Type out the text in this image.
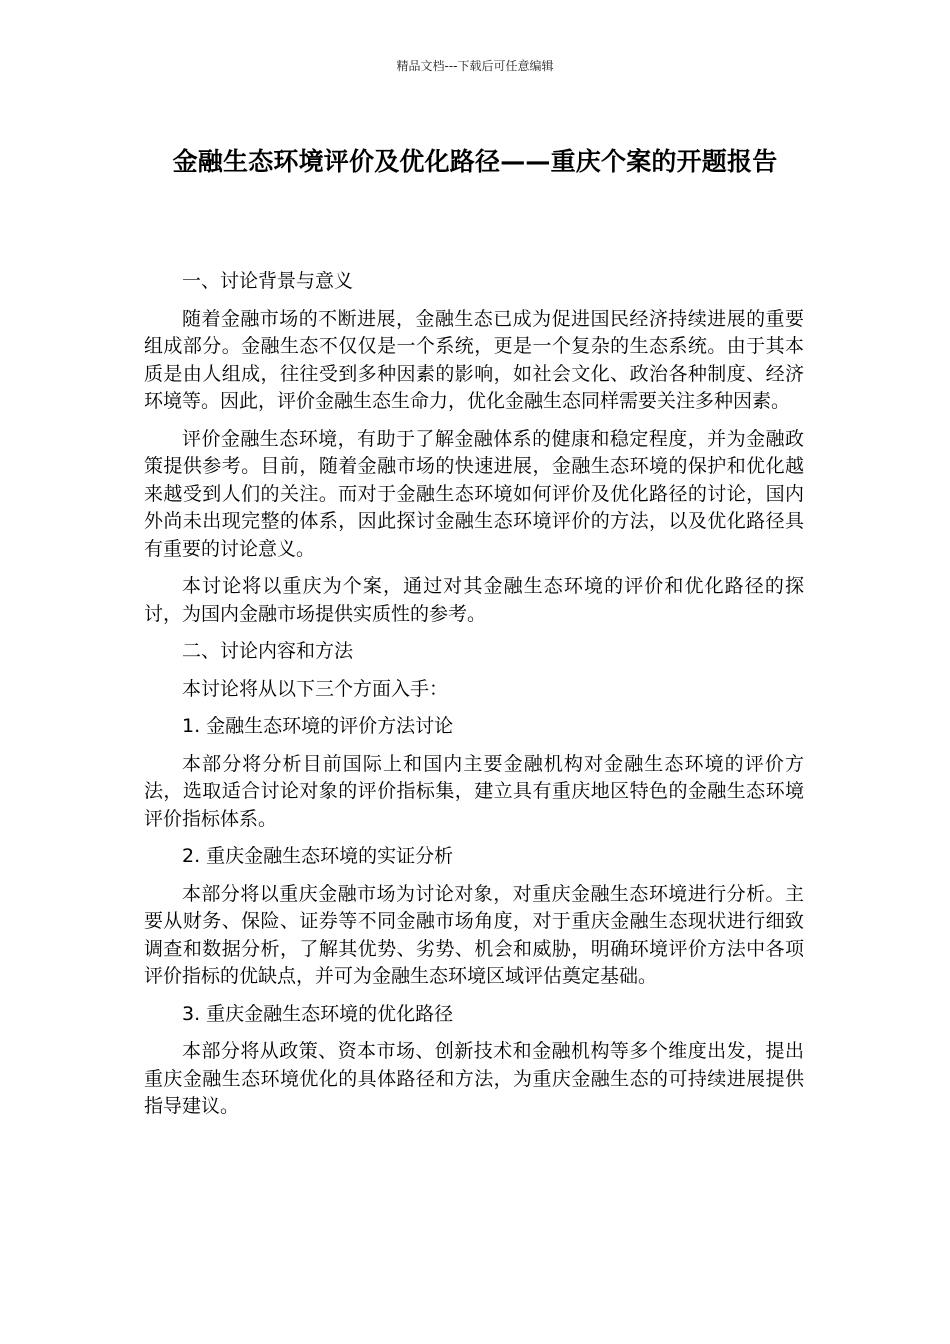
精品文档---下载后可任意编辑
金融生态环境评价及优化路径——重庆个案的开题报告

一、讨论背景与意义

随着金融市场的不断进展，金融生态已成为促进国民经济持续进展的重要组成部分。金融生态不仅仅是一个系统，更是一个复杂的生态系统。由于其本质是由人组成，往往受到多种因素的影响，如社会文化、政治各种制度、经济环境等。因此，评价金融生态生命力，优化金融生态同样需要关注多种因素。

评价金融生态环境，有助于了解金融体系的健康和稳定程度，并为金融政策提供参考。目前，随着金融市场的快速进展，金融生态环境的保护和优化越来越受到人们的关注。而对于金融生态环境如何评价及优化路径的讨论，国内外尚未出现完整的体系，因此探讨金融生态环境评价的方法，以及优化路径具有重要的讨论意义。

本讨论将以重庆为个案，通过对其金融生态环境的评价和优化路径的探讨，为国内金融市场提供实质性的参考。

二、讨论内容和方法

本讨论将从以下三个方面入手：

1. 金融生态环境的评价方法讨论

本部分将分析目前国际上和国内主要金融机构对金融生态环境的评价方法，选取适合讨论对象的评价指标集，建立具有重庆地区特色的金融生态环境评价指标体系。

2. 重庆金融生态环境的实证分析

本部分将以重庆金融市场为讨论对象，对重庆金融生态环境进行分析。主要从财务、保险、证券等不同金融市场角度，对于重庆金融生态现状进行细致调查和数据分析，了解其优势、劣势、机会和威胁，明确环境评价方法中各项评价指标的优缺点，并可为金融生态环境区域评估奠定基础。

3. 重庆金融生态环境的优化路径

本部分将从政策、资本市场、创新技术和金融机构等多个维度出发，提出重庆金融生态环境优化的具体路径和方法，为重庆金融生态的可持续进展提供指导建议。
